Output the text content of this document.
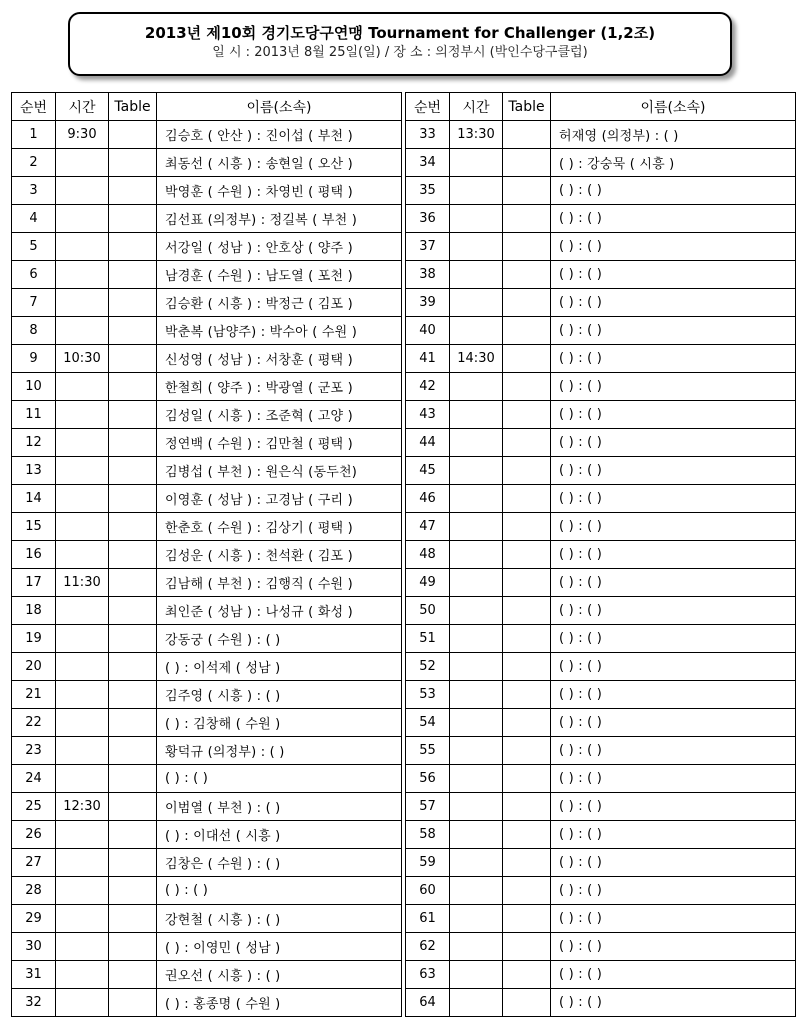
2013년 제10회 경기도당구연맹 Tournament for Challenger (1,2조)
일 시 : 2013년 8월 25일(일) / 장 소 : 의정부시 (박인수당구클럽)
순번	시간	Table	이름(소속)
1	9:30		김승호 ( 안산 ) : 진이섭 ( 부천 )
2			최동선 ( 시흥 ) : 송현일 ( 오산 )
3			박영훈 ( 수원 ) : 차영빈 ( 평택 )
4			김선표 (의정부) : 정길복 ( 부천 )
5			서강일 ( 성남 ) : 안호상 ( 양주 )
6			남경훈 ( 수원 ) : 남도열 ( 포천 )
7			김승환 ( 시흥 ) : 박정근 ( 김포 )
8			박춘복 (남양주) : 박수아 ( 수원 )
9	10:30		신성영 ( 성남 ) : 서창훈 ( 평택 )
10			한철희 ( 양주 ) : 박광열 ( 군포 )
11			김성일 ( 시흥 ) : 조준혁 ( 고양 )
12			정연백 ( 수원 ) : 김만철 ( 평택 )
13			김병섭 ( 부천 ) : 원은식 (동두천)
14			이영훈 ( 성남 ) : 고경남 ( 구리 )
15			한춘호 ( 수원 ) : 김상기 ( 평택 )
16			김성운 ( 시흥 ) : 천석환 ( 김포 )
17	11:30		김남해 ( 부천 ) : 김행직 ( 수원 )
18			최인준 ( 성남 ) : 나성규 ( 화성 )
19			강동궁 ( 수원 ) : ( )
20			( ) : 이석제 ( 성남 )
21			김주영 ( 시흥 ) : ( )
22			( ) : 김창해 ( 수원 )
23			황덕규 (의정부) : ( )
24			( ) : ( )
25	12:30		이범열 ( 부천 ) : ( )
26			( ) : 이대선 ( 시흥 )
27			김창은 ( 수원 ) : ( )
28			( ) : ( )
29			강현철 ( 시흥 ) : ( )
30			( ) : 이영민 ( 성남 )
31			권오선 ( 시흥 ) : ( )
32			( ) : 홍종명 ( 수원 )
순번	시간	Table	이름(소속)
33	13:30		허재영 (의정부) : ( )
34			( ) : 강숭묵 ( 시흥 )
35			( ) : ( )
36			( ) : ( )
37			( ) : ( )
38			( ) : ( )
39			( ) : ( )
40			( ) : ( )
41	14:30		( ) : ( )
42			( ) : ( )
43			( ) : ( )
44			( ) : ( )
45			( ) : ( )
46			( ) : ( )
47			( ) : ( )
48			( ) : ( )
49			( ) : ( )
50			( ) : ( )
51			( ) : ( )
52			( ) : ( )
53			( ) : ( )
54			( ) : ( )
55			( ) : ( )
56			( ) : ( )
57			( ) : ( )
58			( ) : ( )
59			( ) : ( )
60			( ) : ( )
61			( ) : ( )
62			( ) : ( )
63			( ) : ( )
64			( ) : ( )
